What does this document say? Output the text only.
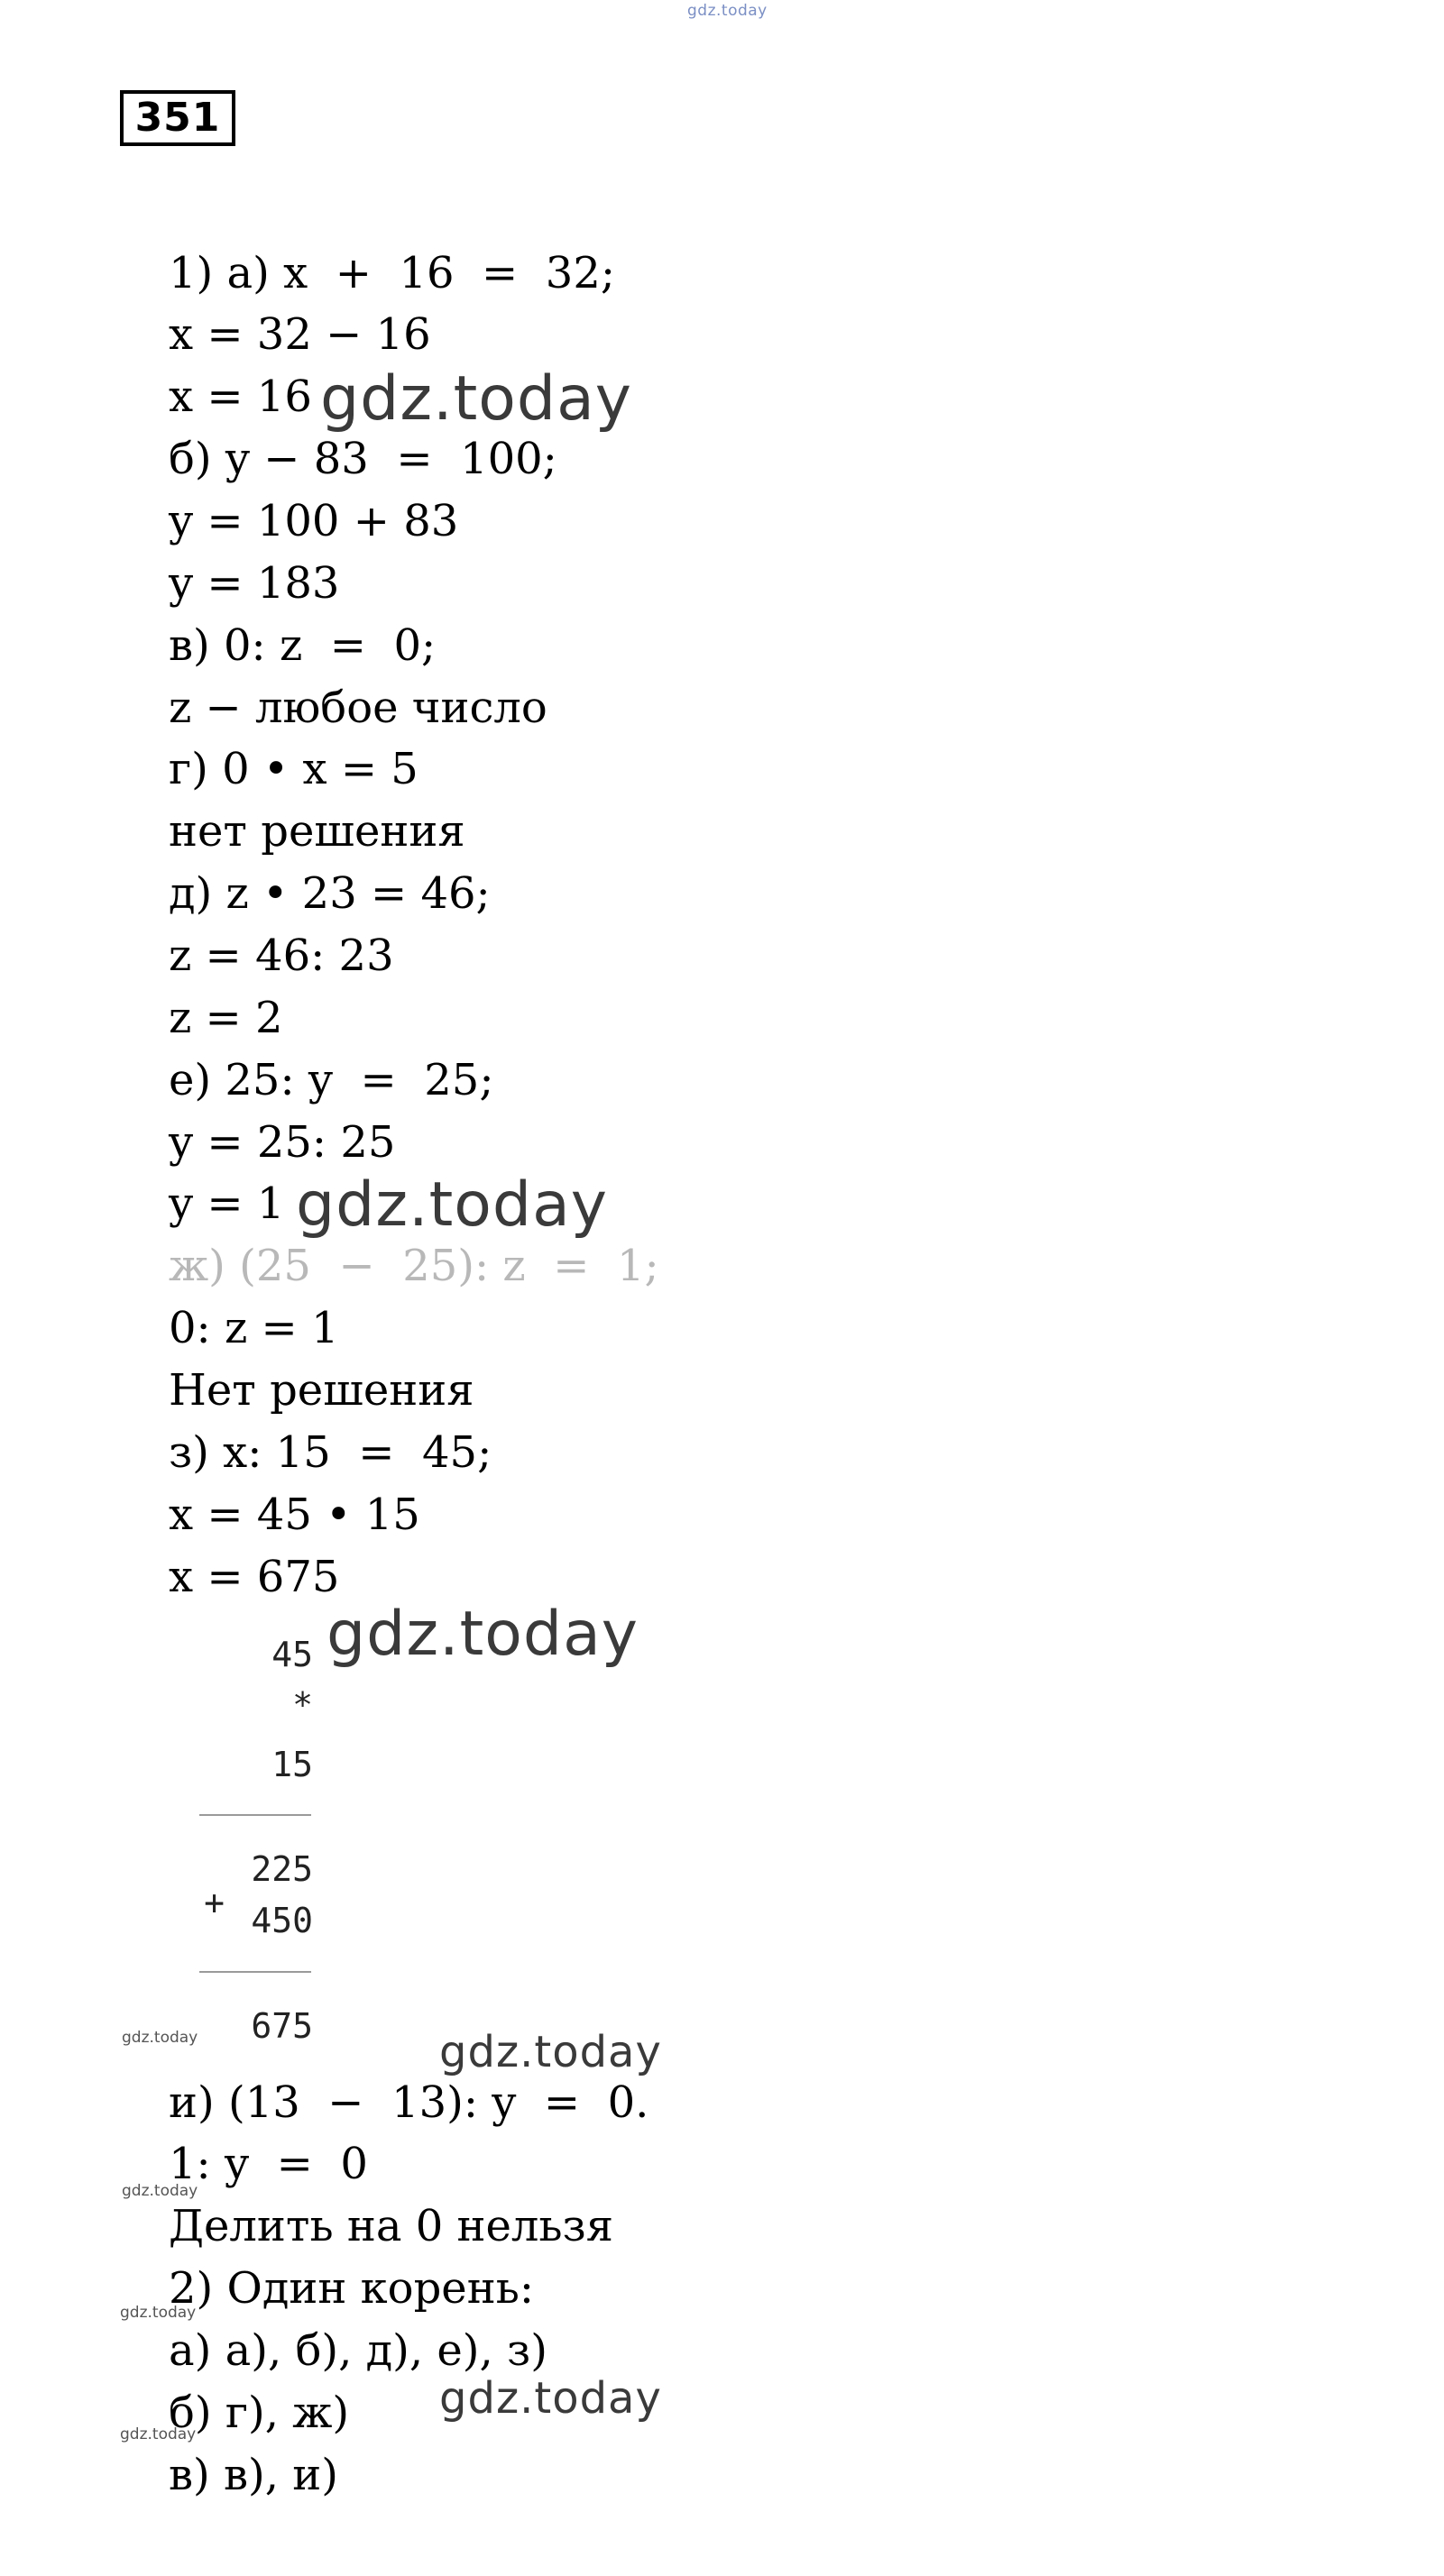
gdz.today
351
1) а) x  +  16  =  32;
x = 32 − 16
x = 16
б) y − 83  =  100;
y = 100 + 83
y = 183
в) 0: z  =  0;
z − любое число
г) 0 • x = 5
нет решения
д) z • 23 = 46;
z = 46: 23
z = 2
е) 25: y  =  25;
y = 25: 25
y = 1
ж) (25  −  25): z  =  1;
0: z = 1
Нет решения
з) x: 15  =  45;
x = 45 • 15
x = 675
и) (13  −  13): y  =  0.
1: y  =  0
Делить на 0 нельзя
2) Один корень:
а) а), б), д), е), з)
б) г), ж)
в) в), и)
45
*
15
225
+ 450
675
gdz.today
gdz.today
gdz.today
gdz.today
gdz.today
gdz.today
gdz.today
gdz.today
gdz.today
